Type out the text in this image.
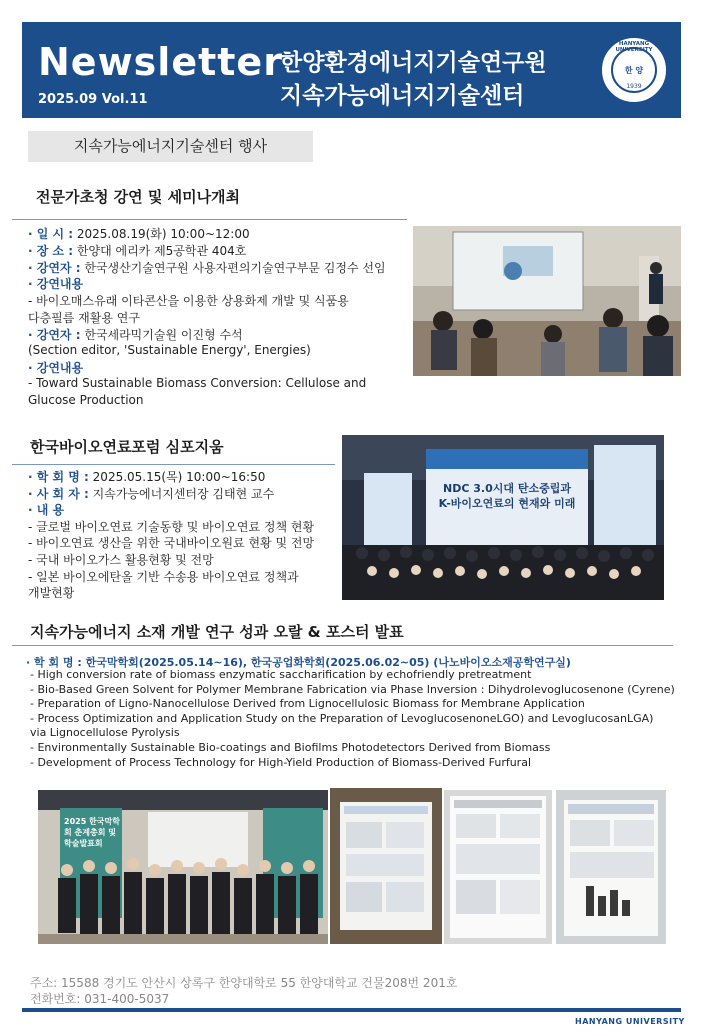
Newsletter
2025.09 Vol.11
한양환경에너지기술연구원
지속가능에너지기술센터
HANYANG UNIVERSITY
한 양
1939
지속가능에너지기술센터 행사
전문가초청 강연 및 세미나개최
· 일 시 : 2025.08.19(화) 10:00~12:00
· 장 소 : 한양대 에리카 제5공학관 404호
· 강연자 : 한국생산기술연구원 사용자편의기술연구부문 김정수 선임
· 강연내용
- 바이오매스유래 이타콘산을 이용한 상용화제 개발 및 식품용
다층필름 재활용 연구
· 강연자 : 한국세라믹기술원 이진형 수석
(Section editor, 'Sustainable Energy', Energies)
· 강연내용
- Toward Sustainable Biomass Conversion: Cellulose and
Glucose Production
한국바이오연료포럼 심포지움
· 학 회 명 : 2025.05.15(목) 10:00~16:50
· 사 회 자 : 지속가능에너지센터장 김태현 교수
· 내 용
- 글로벌 바이오연료 기술동향 및 바이오연료 정책 현황
- 바이오연료 생산을 위한 국내바이오원료 현황 및 전망
- 국내 바이오가스 활용현황 및 전망
- 일본 바이오에탄올 기반 수송용 바이오연료 정책과
개발현황
NDC 3.0시대 탄소중립과
K-바이오연료의 현재와 미래
지속가능에너지 소재 개발 연구 성과 오랄 & 포스터 발표
· 학 회 명 : 한국막학회(2025.05.14~16), 한국공업화학회(2025.06.02~05) (나노바이오소재공학연구실)
- High conversion rate of biomass enzymatic saccharification by echofriendly pretreatment
- Bio-Based Green Solvent for Polymer Membrane Fabrication via Phase Inversion : Dihydrolevoglucosenone (Cyrene)
- Preparation of Ligno-Nanocellulose Derived from Lignocellulosic Biomass for Membrane Application
- Process Optimization and Application Study on the Preparation of LevoglucosenoneLGO) and LevoglucosanLGA)
via Lignocellulose Pyrolysis
- Environmentally Sustainable Bio-coatings and Biofilms Photodetectors Derived from Biomass
- Development of Process Technology for High-Yield Production of Biomass-Derived Furfural
2025 한국막학회 춘계총회 및 학술발표회
주소: 15588 경기도 안산시 상록구 한양대학로 55 한양대학교 건물208번 201호
전화번호: 031-400-5037
HANYANG UNIVERSITY
